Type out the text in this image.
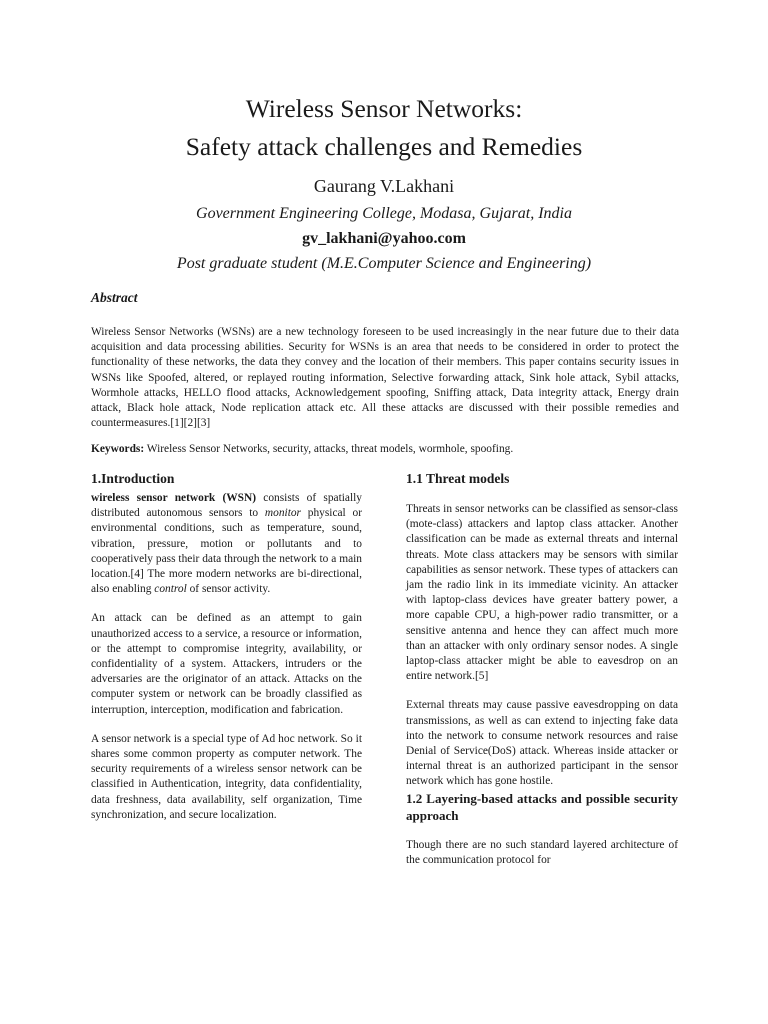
Wireless Sensor Networks:
Safety attack challenges and Remedies
Gaurang V.Lakhani
Government Engineering College, Modasa, Gujarat, India
gv_lakhani@yahoo.com
Post graduate student (M.E.Computer Science and Engineering)
Abstract

Wireless Sensor Networks (WSNs) are a new technology foreseen to be used increasingly in the near future due to their data acquisition and data processing abilities. Security for WSNs is an area that needs to be considered in order to protect the functionality of these networks, the data they convey and the location of their members. This paper contains security issues in WSNs like Spoofed, altered, or replayed routing information, Selective forwarding attack, Sink hole attack, Sybil attacks, Wormhole attacks, HELLO flood attacks, Acknowledgement spoofing, Sniffing attack, Data integrity attack, Energy drain attack, Black hole attack, Node replication attack etc. All these attacks are discussed with their possible remedies and countermeasures.[1][2][3]

Keywords: Wireless Sensor Networks, security, attacks, threat models, wormhole, spoofing.

1.Introduction

wireless sensor network (WSN) consists of spatially distributed autonomous sensors to monitor physical or environmental conditions, such as temperature, sound, vibration, pressure, motion or pollutants and to cooperatively pass their data through the network to a main location.[4] The more modern networks are bi-directional, also enabling control of sensor activity.

An attack can be defined as an attempt to gain unauthorized access to a service, a resource or information, or the attempt to compromise integrity, availability, or confidentiality of a system. Attackers, intruders or the adversaries are the originator of an attack. Attacks on the computer system or network can be broadly classified as interruption, interception, modification and fabrication.

A sensor network is a special type of Ad hoc network. So it shares some common property as computer network. The security requirements of a wireless sensor network can be classified in Authentication, integrity, data confidentiality, data freshness, data availability, self organization, Time synchronization, and secure localization.

1.1 Threat models

Threats in sensor networks can be classified as sensor-class (mote-class) attackers and laptop class attacker. Another classification can be made as external threats and internal threats. Mote class attackers may be sensors with similar capabilities as sensor network. These types of attackers can jam the radio link in its immediate vicinity. An attacker with laptop-class devices have greater battery power, a more capable CPU, a high-power radio transmitter, or a sensitive antenna and hence they can affect much more than an attacker with only ordinary sensor nodes. A single laptop-class attacker might be able to eavesdrop on an entire network.[5]

External threats may cause passive eavesdropping on data transmissions, as well as can extend to injecting fake data into the network to consume network resources and raise Denial of Service(DoS) attack. Whereas inside attacker or internal threat is an authorized participant in the sensor network which has gone hostile.

1.2 Layering-based attacks and possible security approach

Though there are no such standard layered architecture of the communication protocol for
